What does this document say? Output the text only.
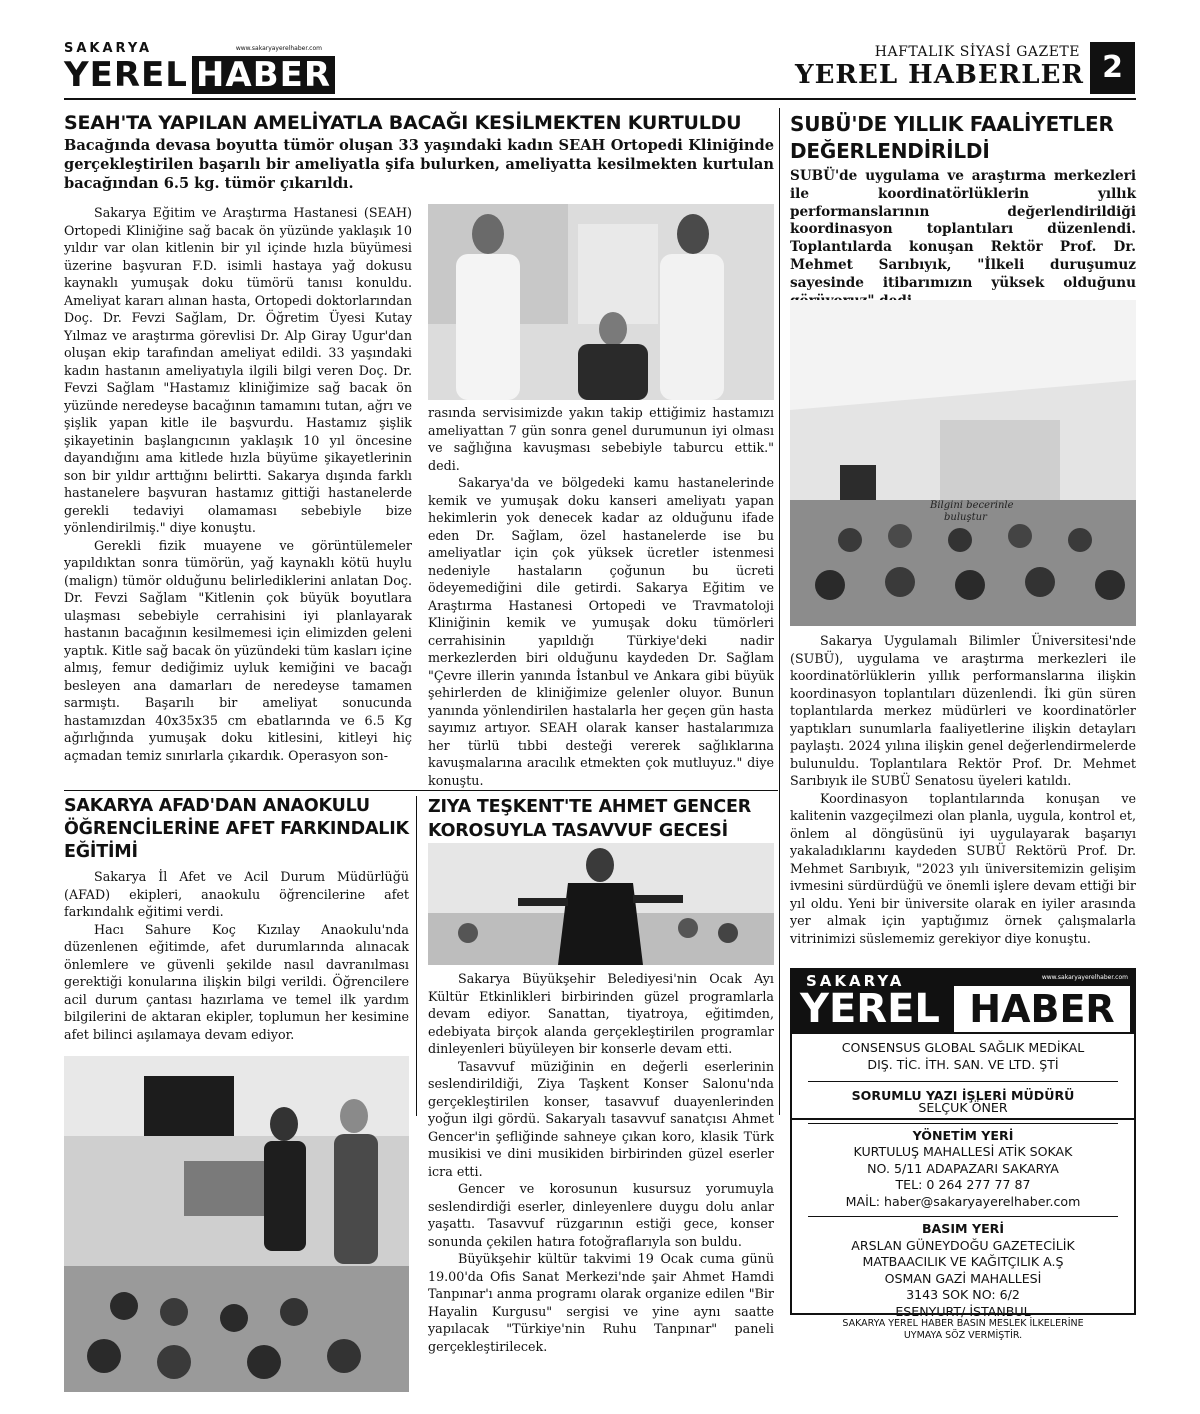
SAKARYA	www.sakaryayerelhaber.com
YEREL HABER
HAFTALIK SİYASİ GAZETE
YEREL HABERLER 2
SEAH'TA YAPILAN AMELİYATLA BACAĞI KESİLMEKTEN KURTULDU
Bacağında devasa boyutta tümör oluşan 33 yaşındaki kadın SEAH Ortopedi Kliniğinde gerçekleştirilen başarılı bir ameliyatla şifa bulurken, ameliyatta kesilmekten kurtulan bacağından 6.5 kg. tümör çıkarıldı.

Sakarya Eğitim ve Araştırma Hastanesi (SEAH) Ortopedi Kliniğine sağ bacak ön yüzünde yaklaşık 10 yıldır var olan kitlenin bir yıl içinde hızla büyümesi üzerine başvuran F.D. isimli hastaya yağ dokusu kaynaklı yumuşak doku tümörü tanısı konuldu. Ameliyat kararı alınan hasta, Ortopedi doktorlarından Doç. Dr. Fevzi Sağlam, Dr. Öğretim Üyesi Kutay Yılmaz ve araştırma görevlisi Dr. Alp Giray Ugur'dan oluşan ekip tarafından ameliyat edildi. 33 yaşındaki kadın hastanın ameliyatıyla ilgili bilgi veren Doç. Dr. Fevzi Sağlam "Hastamız kliniğimize sağ bacak ön yüzünde neredeyse bacağının tamamını tutan, ağrı ve şişlik yapan kitle ile başvurdu. Hastamız şişlik şikayetinin başlangıcının yaklaşık 10 yıl öncesine dayandığını ama kitlede hızla büyüme şikayetlerinin son bir yıldır arttığını belirtti. Sakarya dışında farklı hastanelere başvuran hastamız gittiği hastanelerde gerekli tedaviyi olamaması sebebiyle bize yönlendirilmiş." diye konuştu.

Gerekli fizik muayene ve görüntülemeler yapıldıktan sonra tümörün, yağ kaynaklı kötü huylu (malign) tümör olduğunu belirlediklerini anlatan Doç. Dr. Fevzi Sağlam "Kitlenin çok büyük boyutlara ulaşması sebebiyle cerrahisini iyi planlayarak hastanın bacağının kesilmemesi için elimizden geleni yaptık. Kitle sağ bacak ön yüzündeki tüm kasları içine almış, femur dediğimiz uyluk kemiğini ve bacağı besleyen ana damarları de neredeyse tamamen sarmıştı. Başarılı bir ameliyat sonucunda hastamızdan 40x35x35 cm ebatlarında ve 6.5 Kg ağırlığında yumuşak doku kitlesini, kitleyi hiç açmadan temiz sınırlarla çıkardık. Operasyon son-

rasında servisimizde yakın takip ettiğimiz hastamızı ameliyattan 7 gün sonra genel durumunun iyi olması ve sağlığına kavuşması sebebiyle taburcu ettik." dedi.

Sakarya'da ve bölgedeki kamu hastanelerinde kemik ve yumuşak doku kanseri ameliyatı yapan hekimlerin yok denecek kadar az olduğunu ifade eden Dr. Sağlam, özel hastanelerde ise bu ameliyatlar için çok yüksek ücretler istenmesi nedeniyle hastaların çoğunun bu ücreti ödeyemediğini dile getirdi. Sakarya Eğitim ve Araştırma Hastanesi Ortopedi ve Travmatoloji Kliniğinin kemik ve yumuşak doku tümörleri cerrahisinin yapıldığı Türkiye'deki nadir merkezlerden biri olduğunu kaydeden Dr. Sağlam "Çevre illerin yanında İstanbul ve Ankara gibi büyük şehirlerden de kliniğimize gelenler oluyor. Bunun yanında yönlendirilen hastalarla her geçen gün hasta sayımız artıyor. SEAH olarak kanser hastalarımıza her türlü tıbbi desteği vererek sağlıklarına kavuşmalarına aracılık etmekten çok mutluyuz." diye konuştu.

SUBÜ'DE YILLIK FAALİYETLER DEĞERLENDİRİLDİ
SUBÜ'de uygulama ve araştırma merkezleri ile koordinatörlüklerin yıllık performanslarının değerlendirildiği koordinasyon toplantıları düzenlendi. Toplantılarda konuşan Rektör Prof. Dr. Mehmet Sarıbıyık, "İlkeli duruşumuz sayesinde itibarımızın yüksek olduğunu
Bilgini becerinle
buluştur

Sakarya Uygulamalı Bilimler Üniversitesi'nde (SUBÜ), uygulama ve araştırma merkezleri ile koordinatörlüklerin yıllık performanslarına ilişkin koordinasyon toplantıları düzenlendi. İki gün süren toplantılarda merkez müdürleri ve koordinatörler yaptıkları sunumlarla faaliyetlerine ilişkin detayları paylaştı. 2024 yılına ilişkin genel değerlendirmelerde bulunuldu. Toplantılara Rektör Prof. Dr. Mehmet Sarıbıyık ile SUBÜ Senatosu üyeleri katıldı.

Koordinasyon toplantılarında konuşan ve kalitenin vazgeçilmezi olan planla, uygula, kontrol et, önlem al döngüsünü iyi uygulayarak başarıyı yakaladıklarını kaydeden SUBÜ Rektörü Prof. Dr. Mehmet Sarıbıyık, "2023 yılı üniversitemizin gelişim ivmesini sürdürdüğü ve önemli işlere devam ettiği bir yıl oldu. Yeni bir üniversite olarak en iyiler arasında yer almak için yaptığımız örnek çalışmalarla vitrinimizi süslememiz gerekiyor diye konuştu.

SAKARYA AFAD'DAN ANAOKULU ÖĞRENCİLERİNE AFET FARKINDALIK EĞİTİMİ

Sakarya İl Afet ve Acil Durum Müdürlüğü (AFAD) ekipleri, anaokulu öğrencilerine afet farkındalık eğitimi verdi.

Hacı Sahure Koç Kızılay Anaokulu'nda düzenlenen eğitimde, afet durumlarında alınacak önlemlere ve güvenli şekilde nasıl davranılması gerektiği konularına ilişkin bilgi verildi. Öğrencilere acil durum çantası hazırlama ve temel ilk yardım bilgilerini de aktaran ekipler, toplumun her kesimine afet bilinci aşılamaya devam ediyor.

ZIYA TEŞKENT'TE AHMET GENCER KOROSUYLA TASAVVUF GECESİ

Sakarya Büyükşehir Belediyesi'nin Ocak Ayı Kültür Etkinlikleri birbirinden güzel programlarla devam ediyor. Sanattan, tiyatroya, eğitimden, edebiyata birçok alanda gerçekleştirilen programlar dinleyenleri büyüleyen bir konserle devam etti.

Tasavvuf müziğinin en değerli eserlerinin seslendirildiği, Ziya Taşkent Konser Salonu'nda gerçekleştirilen konser, tasavvuf duayenlerinden yoğun ilgi gördü. Sakaryalı tasavvuf sanatçısı Ahmet Gencer'in şefliğinde sahneye çıkan koro, klasik Türk musikisi ve dini musikiden birbirinden güzel eserler icra etti.

Gencer ve korosunun kusursuz yorumuyla seslendirdiği eserler, dinleyenlere duygu dolu anlar yaşattı. Tasavvuf rüzgarının estiği gece, konser sonunda çekilen hatıra fotoğraflarıyla son buldu.

Büyükşehir kültür takvimi 19 Ocak cuma günü 19.00'da Ofis Sanat Merkezi'nde şair Ahmet Hamdi Tanpınar'ı anma programı olarak organize edilen "Bir Hayalin Kurgusu" sergisi ve yine aynı saatte yapılacak "Türkiye'nin Ruhu Tanpınar" paneli gerçekleştirilecek.

SAKARYA	www.sakaryayerelhaber.com
YEREL HABER
CONSENSUS GLOBAL SAĞLIK MEDİKAL
DIŞ. TİC. İTH. SAN. VE LTD. ŞTİ
SORUMLU YAZI İŞLERİ MÜDÜRÜ
SELÇUK ÖNER
YÖNETİM YERİ
KURTULUŞ MAHALLESİ ATİK SOKAK
NO. 5/11 ADAPAZARI SAKARYA
TEL: 0 264 277 77 87
MAİL: haber@sakaryayerelhaber.com
BASIM YERİ
ARSLAN GÜNEYDOĞU GAZETECİLİK
MATBAACILIK VE KAĞITÇILIK A.Ş
OSMAN GAZİ MAHALLESİ
3143 SOK NO: 6/2
ESENYURT/ İSTANBUL
SAKARYA YEREL HABER BASIN MESLEK İLKELERİNE
UYMAYA SÖZ VERMİŞTİR.
